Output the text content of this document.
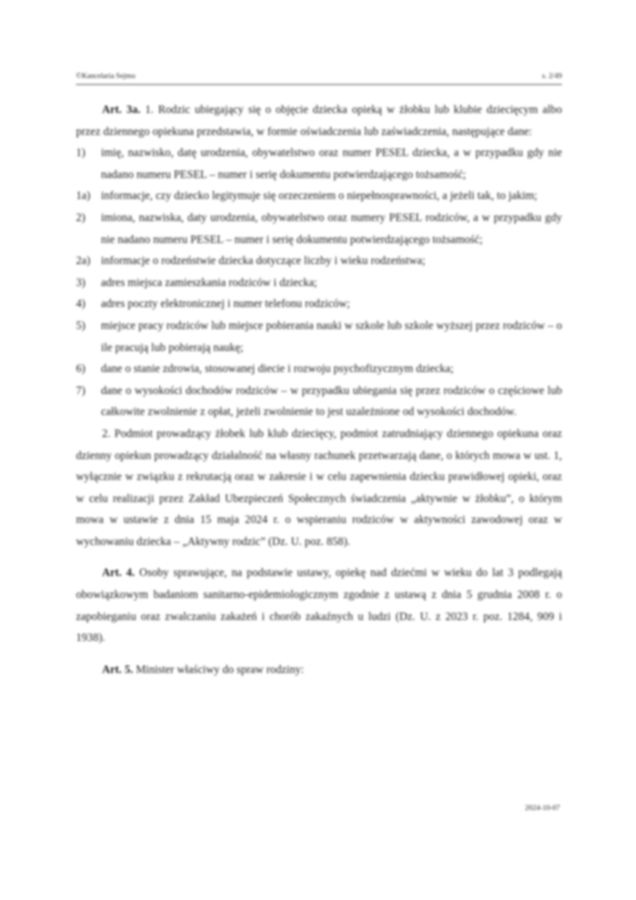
©Kancelaria Sejmu	s. 2/49

Art. 3a. 1. Rodzic ubiegający się o objęcie dziecka opieką w żłobku lub klubie dziecięcym albo przez dziennego opiekuna przedstawia, w formie oświadczenia lub zaświadczenia, następujące dane:

1)	imię, nazwisko, datę urodzenia, obywatelstwo oraz numer PESEL dziecka, a w przypadku gdy nie nadano numeru PESEL – numer i serię dokumentu potwierdzającego tożsamość;
1a) informacje, czy dziecko legitymuje się orzeczeniem o niepełnosprawności, a jeżeli tak, to jakim;
2)	imiona, nazwiska, daty urodzenia, obywatelstwo oraz numery PESEL rodziców, a w przypadku gdy nie nadano numeru PESEL – numer i serię dokumentu potwierdzającego tożsamość;
2a) informacje o rodzeństwie dziecka dotyczące liczby i wieku rodzeństwa;
3)	adres miejsca zamieszkania rodziców i dziecka;
4)	adres poczty elektronicznej i numer telefonu rodziców;
5)	miejsce pracy rodziców lub miejsce pobierania nauki w szkole lub szkole wyższej przez rodziców – o ile pracują lub pobierają naukę;
6)	dane o stanie zdrowia, stosowanej diecie i rozwoju psychofizycznym dziecka;
7)	dane o wysokości dochodów rodziców – w przypadku ubiegania się przez rodziców o częściowe lub całkowite zwolnienie z opłat, jeżeli zwolnienie to jest uzależnione od wysokości dochodów.

2. Podmiot prowadzący żłobek lub klub dziecięcy, podmiot zatrudniający dziennego opiekuna oraz dzienny opiekun prowadzący działalność na własny rachunek przetwarzają dane, o których mowa w ust. 1, wyłącznie w związku z rekrutacją oraz w zakresie i w celu zapewnienia dziecku prawidłowej opieki, oraz w celu realizacji przez Zakład Ubezpieczeń Społecznych świadczenia „aktywnie w żłobku”, o którym mowa w ustawie z dnia 15 maja 2024 r. o wspieraniu rodziców w aktywności zawodowej oraz w wychowaniu dziecka – „Aktywny rodzic” (Dz. U. poz. 858).

Art. 4. Osoby sprawujące, na podstawie ustawy, opiekę nad dziećmi w wieku do lat 3 podlegają obowiązkowym badaniom sanitarno-epidemiologicznym zgodnie z ustawą z dnia 5 grudnia 2008 r. o zapobieganiu oraz zwalczaniu zakażeń i chorób zakaźnych u ludzi (Dz. U. z 2023 r. poz. 1284, 909 i 1938).

Art. 5. Minister właściwy do spraw rodziny:

2024-10-07
